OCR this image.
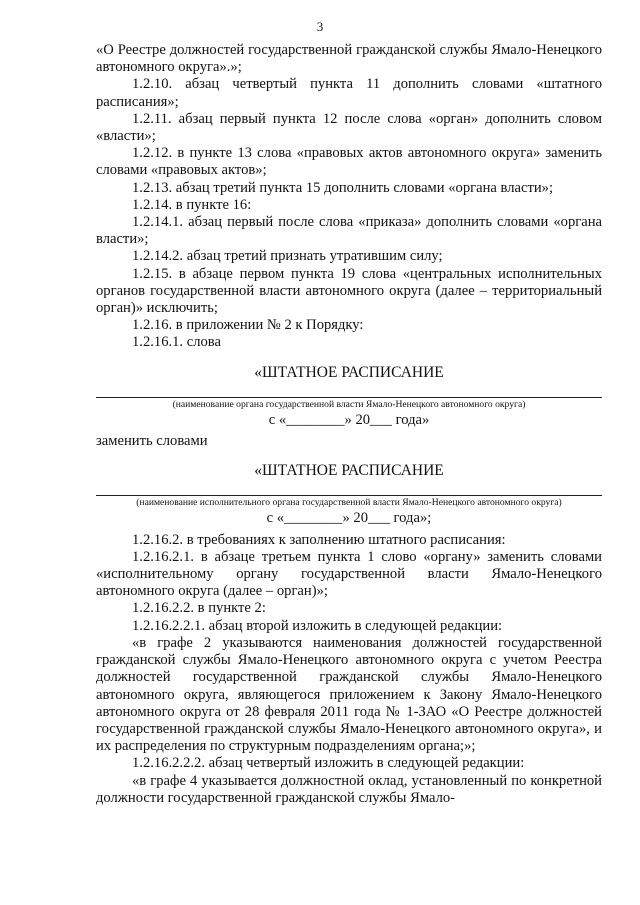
3

«О Реестре должностей государственной гражданской службы Ямало-Ненецкого автономного округа».»;

1.2.10. абзац четвертый пункта 11 дополнить словами «штатного расписания»;

1.2.11. абзац первый пункта 12 после слова «орган» дополнить словом «власти»;

1.2.12. в пункте 13 слова «правовых актов автономного округа» заменить словами «правовых актов»;

1.2.13. абзац третий пункта 15 дополнить словами «органа власти»;

1.2.14. в пункте 16:

1.2.14.1. абзац первый после слова «приказа» дополнить словами «органа власти»;

1.2.14.2. абзац третий признать утратившим силу;

1.2.15. в абзаце первом пункта 19 слова «центральных исполнительных органов государственной власти автономного округа (далее – территориальный орган)» исключить;

1.2.16. в приложении № 2 к Порядку:

1.2.16.1. слова

«ШТАТНОЕ РАСПИСАНИЕ
(наименование органа государственной власти Ямало-Ненецкого автономного округа)
с «________» 20___ года»

заменить словами

«ШТАТНОЕ РАСПИСАНИЕ
(наименование исполнительного органа государственной власти Ямало-Ненецкого автономного округа)
с «________» 20___ года»;

1.2.16.2. в требованиях к заполнению штатного расписания:

1.2.16.2.1. в абзаце третьем пункта 1 слово «органу» заменить словами «исполнительному органу государственной власти Ямало-Ненецкого автономного округа (далее – орган)»;

1.2.16.2.2. в пункте 2:

1.2.16.2.2.1. абзац второй изложить в следующей редакции:

«в графе 2 указываются наименования должностей государственной гражданской службы Ямало-Ненецкого автономного округа с учетом Реестра должностей государственной гражданской службы Ямало-Ненецкого автономного округа, являющегося приложением к Закону Ямало-Ненецкого автономного округа от 28 февраля 2011 года № 1-ЗАО «О Реестре должностей государственной гражданской службы Ямало-Ненецкого автономного округа», и их распределения по структурным подразделениям органа;»;

1.2.16.2.2.2. абзац четвертый изложить в следующей редакции:

«в графе 4 указывается должностной оклад, установленный по конкретной должности государственной гражданской службы Ямало-
